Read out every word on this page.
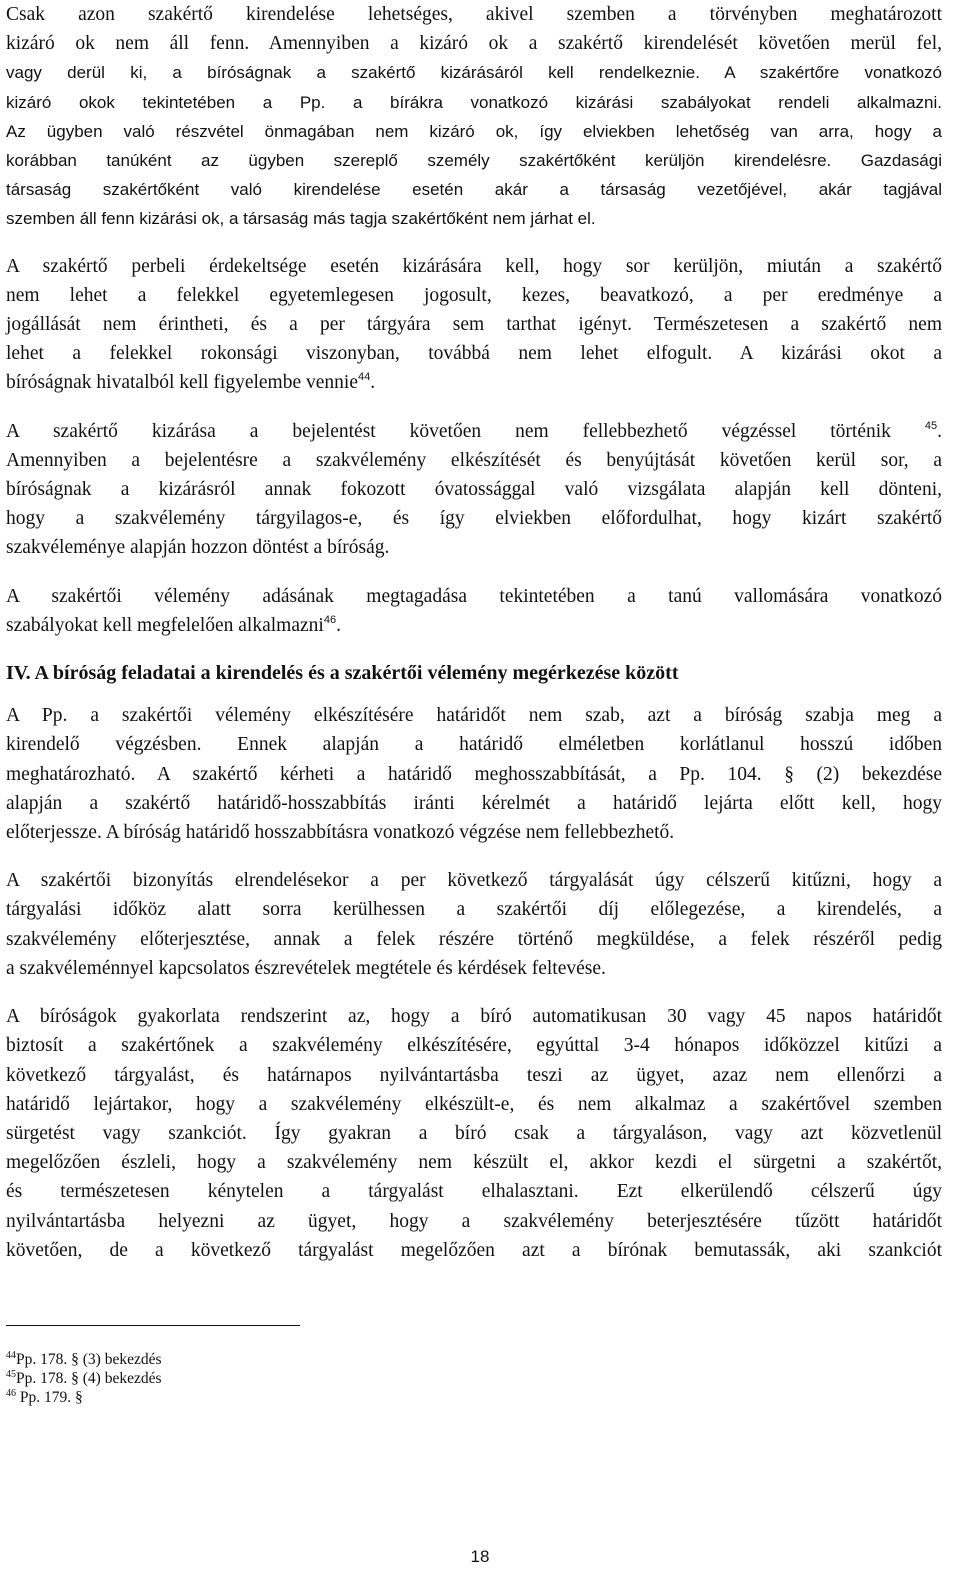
Csak azon szakértő kirendelése lehetséges, akivel szemben a törvényben meghatározott
kizáró ok nem áll fenn. Amennyiben a kizáró ok a szakértő kirendelését követően merül fel,
vagy derül ki, a bíróságnak a szakértő kizárásáról kell rendelkeznie. A szakértőre vonatkozó
kizáró okok tekintetében a Pp. a bírákra vonatkozó kizárási szabályokat rendeli alkalmazni.
Az ügyben való részvétel önmagában nem kizáró ok, így elviekben lehetőség van arra, hogy a
korábban tanúként az ügyben szereplő személy szakértőként kerüljön kirendelésre. Gazdasági
társaság szakértőként való kirendelése esetén akár a társaság vezetőjével, akár tagjával
szemben áll fenn kizárási ok, a társaság más tagja szakértőként nem járhat el.

A szakértő perbeli érdekeltsége esetén kizárására kell, hogy sor kerüljön, miután a szakértő
nem lehet a felekkel egyetemlegesen jogosult, kezes, beavatkozó, a per eredménye a
jogállását nem érintheti, és a per tárgyára sem tarthat igényt. Természetesen a szakértő nem
lehet a felekkel rokonsági viszonyban, továbbá nem lehet elfogult. A kizárási okot a
bíróságnak hivatalból kell figyelembe vennie$^{44}$.

A szakértő kizárása a bejelentést követően nem fellebbezhető végzéssel történik	$^{45}$.
Amennyiben a bejelentésre a szakvélemény elkészítését és benyújtását követően kerül sor, a
bíróságnak a kizárásról annak fokozott óvatossággal való vizsgálata alapján kell dönteni,
hogy a szakvélemény tárgyilagos-e, és így elviekben előfordulhat, hogy kizárt szakértő
szakvéleménye alapján hozzon döntést a bíróság.

A szakértői vélemény adásának megtagadása tekintetében a tanú vallomására vonatkozó
szabályokat kell megfelelően alkalmazni$^{46}$.

IV. A bíróság feladatai a kirendelés és a szakértői vélemény megérkezése között

A Pp. a szakértői vélemény elkészítésére határidőt nem szab, azt a bíróság szabja meg a
kirendelő végzésben. Ennek alapján a határidő elméletben korlátlanul hosszú időben
meghatározható. A szakértő kérheti a határidő meghosszabbítását, a Pp. 104. § (2) bekezdése
alapján a szakértő határidő-hosszabbítás iránti kérelmét a határidő lejárta előtt kell, hogy
előterjessze. A bíróság határidő hosszabbításra vonatkozó végzése nem fellebbezhető.

A szakértői bizonyítás elrendelésekor a per következő tárgyalását úgy célszerű kitűzni, hogy a
tárgyalási időköz alatt sorra kerülhessen a szakértői díj előlegezése, a kirendelés, a
szakvélemény előterjesztése, annak a felek részére történő megküldése, a felek részéről pedig
a szakvéleménnyel kapcsolatos észrevételek megtétele és kérdések feltevése.

A bíróságok gyakorlata rendszerint az, hogy a bíró automatikusan 30 vagy 45 napos határidőt
biztosít a szakértőnek a szakvélemény elkészítésére, egyúttal 3-4 hónapos időközzel kitűzi a
következő tárgyalást, és határnapos nyilvántartásba teszi az ügyet, azaz nem ellenőrzi a
határidő lejártakor, hogy a szakvélemény elkészült-e, és nem alkalmaz a szakértővel szemben
sürgetést vagy szankciót. Így gyakran a bíró csak a tárgyaláson, vagy azt közvetlenül
megelőzően észleli, hogy a szakvélemény nem készült el, akkor kezdi el sürgetni a szakértőt,
és természetesen kénytelen a tárgyalást elhalasztani. Ezt elkerülendő célszerű úgy
nyilvántartásba helyezni az ügyet, hogy a szakvélemény beterjesztésére tűzött határidőt
követően, de a következő tárgyalást megelőzően azt a bírónak bemutassák, aki szankciót

$^{44}$Pp. 178. § (3) bekezdés
$^{45}$Pp. 178. § (4) bekezdés
$^{46}$ Pp. 179. §
18
